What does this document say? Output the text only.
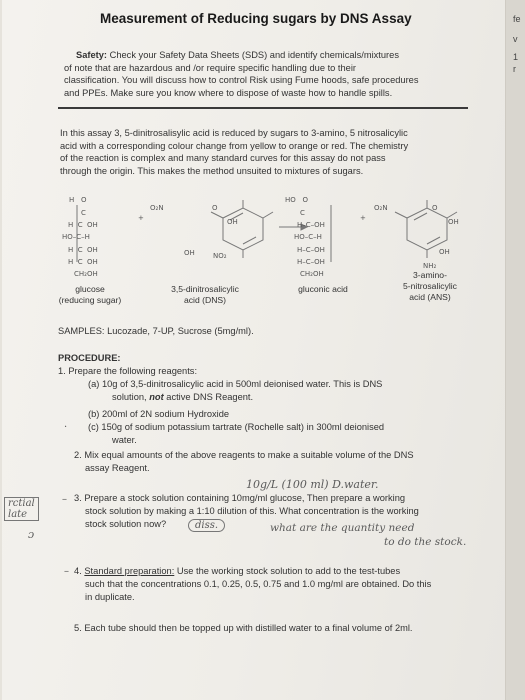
fe
v
1
r
Measurement of Reducing sugars by DNS Assay
Safety: Check your Safety Data Sheets (SDS) and identify chemicals/mixtures
of note that are hazardous and /or require specific handling due to their
classification. You will discuss how to control Risk using Fume hoods, safe procedures
and PPEs. Make sure you know where to dispose of waste how to handle spills.
In this assay 3, 5-dinitrosalisylic acid is reduced by sugars to 3-amino, 5 nitrosalicylic
acid with a corresponding colour change from yellow to orange or red. The chemistry
of the reaction is complex and many standard curves for this assay do not pass
through the origin. This makes the method unsuited to mixtures of sugars.
H   O
C
H  C  OH
HO–C–H
H  C  OH
H  C  OH
CH₂OH
+
O₂N
OH
O
NO₂
OH
HO   O
C
H–C–OH
HO–C–H
H–C–OH
H–C–OH
CH₂OH
+
O₂N	O
OH
OH
NH₂
glucose
(reducing sugar)
3,5-dinitrosalicylic
acid (DNS)
gluconic acid
3-amino-
5-nitrosalicylic
acid (ANS)
SAMPLES: Lucozade, 7-UP, Sucrose (5mg/ml).
PROCEDURE:
1. Prepare the following reagents:
(a) 10g of 3,5-dinitrosalicylic acid in 500ml deionised water. This is DNS
solution, not active DNS Reagent.
(b) 200ml of 2N sodium Hydroxide
(c) 150g of sodium potassium tartrate (Rochelle salt) in 300ml deionised
water.
2. Mix equal amounts of the above reagents to make a suitable volume of the DNS
assay Reagent.
3. Prepare a stock solution containing 10mg/ml glucose, Then prepare a working
stock solution by making a 1:10 dilution of this. What concentration is the working
stock solution now?
4. Standard preparation: Use the working stock solution to add to the test-tubes
such that the concentrations 0.1, 0.25, 0.5, 0.75 and 1.0 mg/ml are obtained. Do this
in duplicate.
5. Each tube should then be topped up with distilled water to a final volume of 2ml.
rctial
late
ɔ
–
–
·
10g/L (100 ml) D.water.
diss.	what are the quantity need
to do the stock.
